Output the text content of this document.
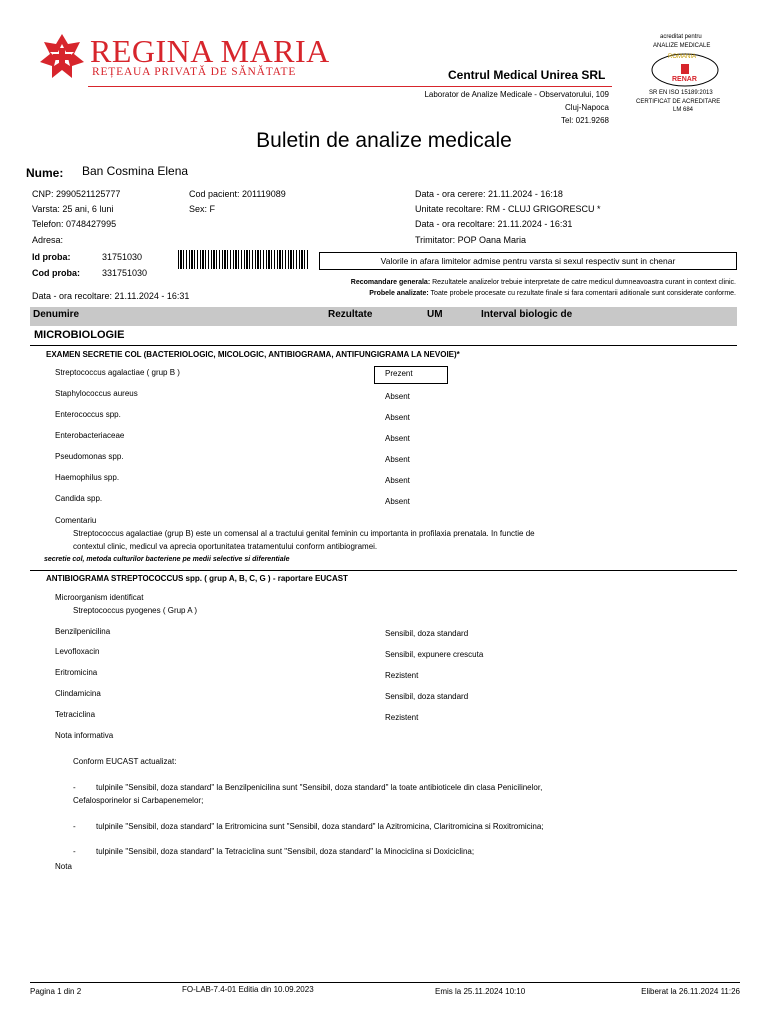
REGINA MARIA
REȚEAUA PRIVATĂ DE SĂNĂTATE	Centrul Medical Unirea SRL
Laborator de Analize Medicale - Observatorului, 109
Cluj-Napoca
Tel: 021.9268
acreditat pentru
ANALIZE MEDICALE
ROMANIA
RENAR
SR EN ISO 15189:2013
CERTIFICAT DE ACREDITARE
LM 684
Buletin de analize medicale
Nume: Ban Cosmina Elena
CNP: 2990521125777
Varsta: 25 ani, 6 luni
Telefon: 0748427995
Adresa:
Cod pacient: 201119089
Sex: F
Data - ora cerere: 21.11.2024 - 16:18
Unitate recoltare: RM - CLUJ GRIGORESCU *
Data - ora recoltare: 21.11.2024 - 16:31
Trimitator: POP Oana Maria
Id proba:	31751030
Cod proba: 331751030
Valorile in afara limitelor admise pentru varsta si sexul respectiv sunt in chenar
Recomandare generala: Rezultatele analizelor trebuie interpretate de catre medicul dumneavoastra curant in context clinic.
Probele analizate: Toate probele procesate cu rezultate finale si fara comentarii aditionale sunt considerate conforme.
Data - ora recoltare: 21.11.2024 - 16:31
Denumire	Rezultate	UM	Interval biologic de
MICROBIOLOGIE
EXAMEN SECRETIE COL (BACTERIOLOGIC, MICOLOGIC, ANTIBIOGRAMA, ANTIFUNGIGRAMA LA NEVOIE)*
Streptococcus agalactiae ( grup B )	Prezent
Staphylococcus aureus	Absent
Enterococcus spp.	Absent
Enterobacteriaceae	Absent
Pseudomonas spp.	Absent
Haemophilus spp.	Absent
Candida spp.	Absent
Comentariu
Streptococcus agalactiae (grup B) este un comensal al a tractului genital feminin cu importanta in profilaxia prenatala. In functie de
contextul clinic, medicul va aprecia oportunitatea tratamentului conform antibiogramei.
secretie col, metoda culturilor bacteriene pe medii selective si diferentiale
ANTIBIOGRAMA STREPTOCOCCUS spp. ( grup A, B, C, G ) - raportare EUCAST
Microorganism identificat
Streptococcus pyogenes ( Grup A )
Benzilpenicilina	Sensibil, doza standard
Levofloxacin	Sensibil, expunere crescuta
Eritromicina	Rezistent
Clindamicina	Sensibil, doza standard
Tetraciclina	Rezistent
Nota informativa
Conform EUCAST actualizat:
-	tulpinile "Sensibil, doza standard" la Benzilpenicilina sunt "Sensibil, doza standard" la toate antibioticele din clasa Penicilinelor,
Cefalosporinelor si Carbapenemelor;
-	tulpinile "Sensibil, doza standard" la Eritromicina sunt "Sensibil, doza standard" la Azitromicina, Claritromicina si Roxitromicina;
-	tulpinile "Sensibil, doza standard" la Tetraciclina sunt "Sensibil, doza standard" la Minociclina si Doxiciclina;
Nota
Pagina 1 din 2	FO-LAB-7.4-01 Editia din 10.09.2023	Emis la 25.11.2024 10:10	Eliberat la 26.11.2024 11:26
